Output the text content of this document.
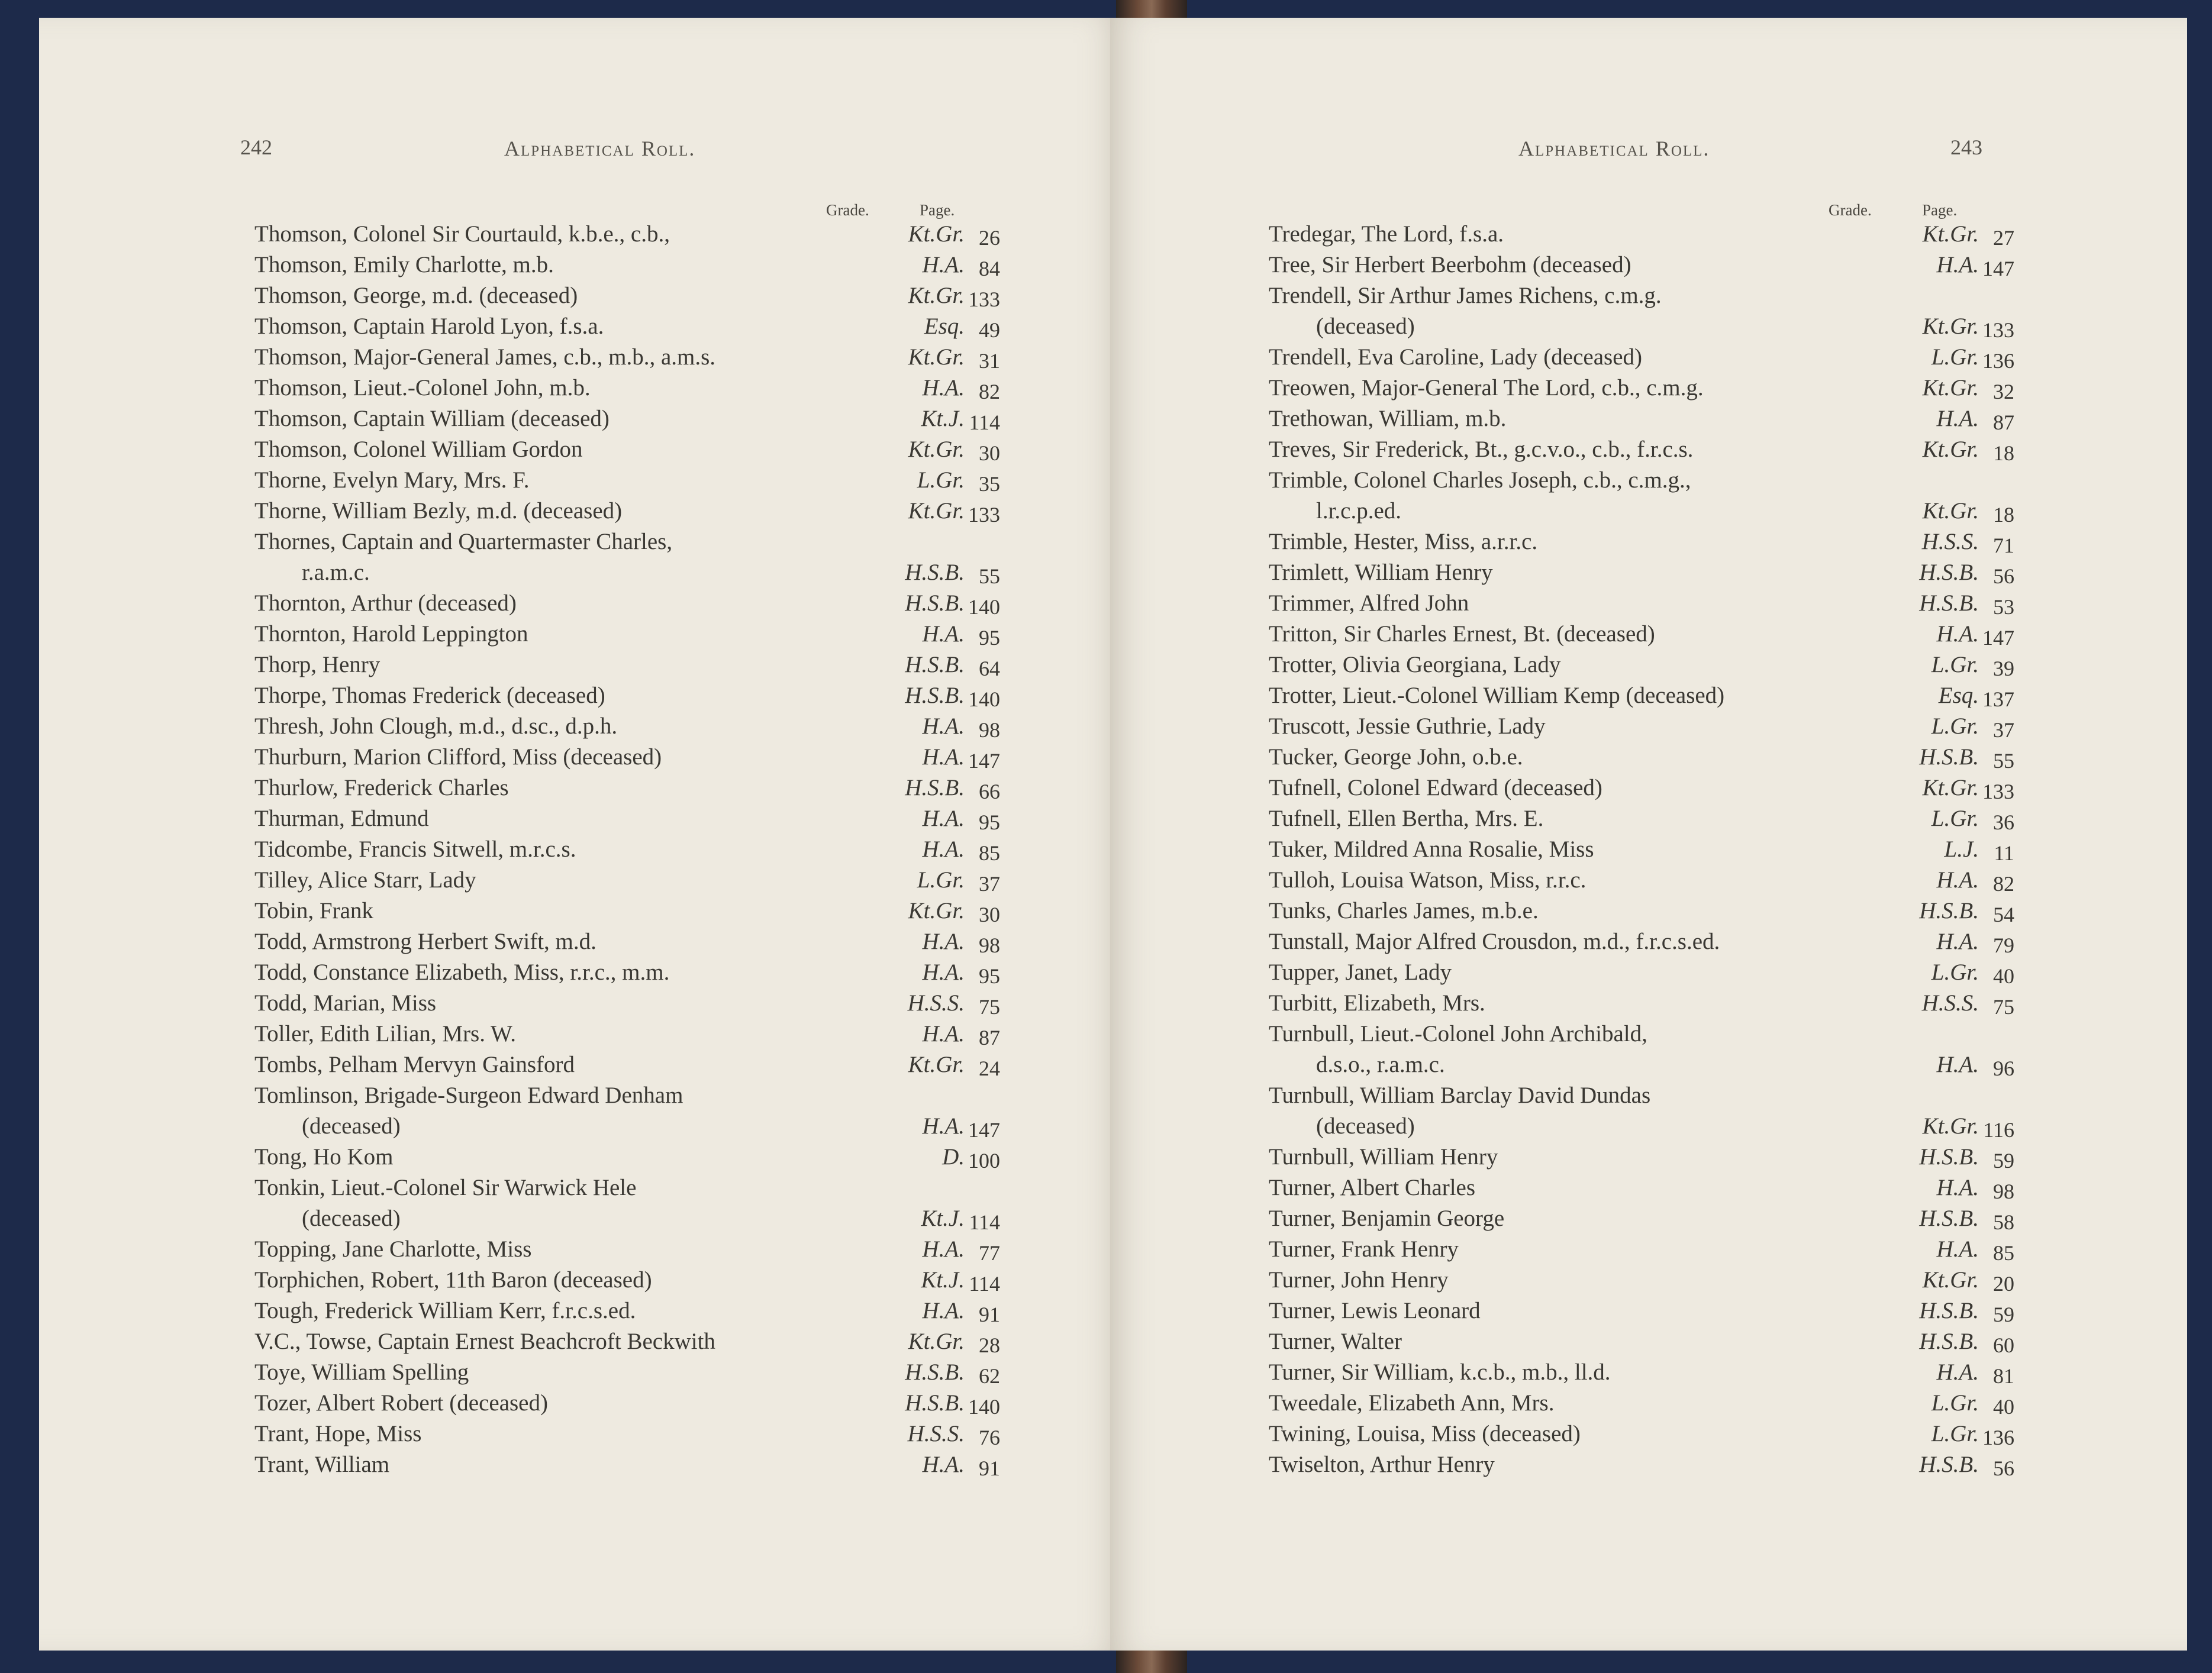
242	Alphabetical Roll.
Grade.	Page.
Thomson, Colonel Sir Courtauld, k.b.e., c.b.,	Kt.Gr. 26
Thomson, Emily Charlotte, m.b.	H.A. 84
Thomson, George, m.d. (deceased)	Kt.Gr. 133
Thomson, Captain Harold Lyon, f.s.a.	Esq. 49
Thomson, Major-General James, c.b., m.b., a.m.s.	Kt.Gr. 31
Thomson, Lieut.-Colonel John, m.b.	H.A. 82
Thomson, Captain William (deceased)	Kt.J. 114
Thomson, Colonel William Gordon	Kt.Gr. 30
Thorne, Evelyn Mary, Mrs. F.	L.Gr. 35
Thorne, William Bezly, m.d. (deceased)	Kt.Gr. 133
Thornes, Captain and Quartermaster Charles,
r.a.m.c.	H.S.B. 55
Thornton, Arthur (deceased)	H.S.B. 140
Thornton, Harold Leppington	H.A. 95
Thorp, Henry	H.S.B. 64
Thorpe, Thomas Frederick (deceased)	H.S.B. 140
Thresh, John Clough, m.d., d.sc., d.p.h.	H.A. 98
Thurburn, Marion Clifford, Miss (deceased)	H.A. 147
Thurlow, Frederick Charles	H.S.B. 66
Thurman, Edmund	H.A. 95
Tidcombe, Francis Sitwell, m.r.c.s.	H.A. 85
Tilley, Alice Starr, Lady	L.Gr. 37
Tobin, Frank	Kt.Gr. 30
Todd, Armstrong Herbert Swift, m.d.	H.A. 98
Todd, Constance Elizabeth, Miss, r.r.c., m.m.	H.A. 95
Todd, Marian, Miss	H.S.S. 75
Toller, Edith Lilian, Mrs. W.	H.A. 87
Tombs, Pelham Mervyn Gainsford	Kt.Gr. 24
Tomlinson, Brigade-Surgeon Edward Denham
(deceased)	H.A. 147
Tong, Ho Kom	D. 100
Tonkin, Lieut.-Colonel Sir Warwick Hele
(deceased)	Kt.J. 114
Topping, Jane Charlotte, Miss	H.A. 77
Torphichen, Robert, 11th Baron (deceased)	Kt.J. 114
Tough, Frederick William Kerr, f.r.c.s.ed.	H.A. 91
V.C., Towse, Captain Ernest Beachcroft Beckwith	Kt.Gr. 28
Toye, William Spelling	H.S.B. 62
Tozer, Albert Robert (deceased)	H.S.B. 140
Trant, Hope, Miss	H.S.S. 76
Trant, William	H.A. 91
Alphabetical Roll.	243
Grade.	Page.
Tredegar, The Lord, f.s.a.	Kt.Gr. 27
Tree, Sir Herbert Beerbohm (deceased)	H.A. 147
Trendell, Sir Arthur James Richens, c.m.g.
(deceased)	Kt.Gr. 133
Trendell, Eva Caroline, Lady (deceased)	L.Gr. 136
Treowen, Major-General The Lord, c.b., c.m.g.	Kt.Gr. 32
Trethowan, William, m.b.	H.A. 87
Treves, Sir Frederick, Bt., g.c.v.o., c.b., f.r.c.s.	Kt.Gr. 18
Trimble, Colonel Charles Joseph, c.b., c.m.g.,
l.r.c.p.ed.	Kt.Gr. 18
Trimble, Hester, Miss, a.r.r.c.	H.S.S. 71
Trimlett, William Henry	H.S.B. 56
Trimmer, Alfred John	H.S.B. 53
Tritton, Sir Charles Ernest, Bt. (deceased)	H.A. 147
Trotter, Olivia Georgiana, Lady	L.Gr. 39
Trotter, Lieut.-Colonel William Kemp (deceased)	Esq. 137
Truscott, Jessie Guthrie, Lady	L.Gr. 37
Tucker, George John, o.b.e.	H.S.B. 55
Tufnell, Colonel Edward (deceased)	Kt.Gr. 133
Tufnell, Ellen Bertha, Mrs. E.	L.Gr. 36
Tuker, Mildred Anna Rosalie, Miss	L.J. 11
Tulloh, Louisa Watson, Miss, r.r.c.	H.A. 82
Tunks, Charles James, m.b.e.	H.S.B. 54
Tunstall, Major Alfred Crousdon, m.d., f.r.c.s.ed.	H.A. 79
Tupper, Janet, Lady	L.Gr. 40
Turbitt, Elizabeth, Mrs.	H.S.S. 75
Turnbull, Lieut.-Colonel John Archibald,
d.s.o., r.a.m.c.	H.A. 96
Turnbull, William Barclay David Dundas
(deceased)	Kt.Gr. 116
Turnbull, William Henry	H.S.B. 59
Turner, Albert Charles	H.A. 98
Turner, Benjamin George	H.S.B. 58
Turner, Frank Henry	H.A. 85
Turner, John Henry	Kt.Gr. 20
Turner, Lewis Leonard	H.S.B. 59
Turner, Walter	H.S.B. 60
Turner, Sir William, k.c.b., m.b., ll.d.	H.A. 81
Tweedale, Elizabeth Ann, Mrs.	L.Gr. 40
Twining, Louisa, Miss (deceased)	L.Gr. 136
Twiselton, Arthur Henry	H.S.B. 56
